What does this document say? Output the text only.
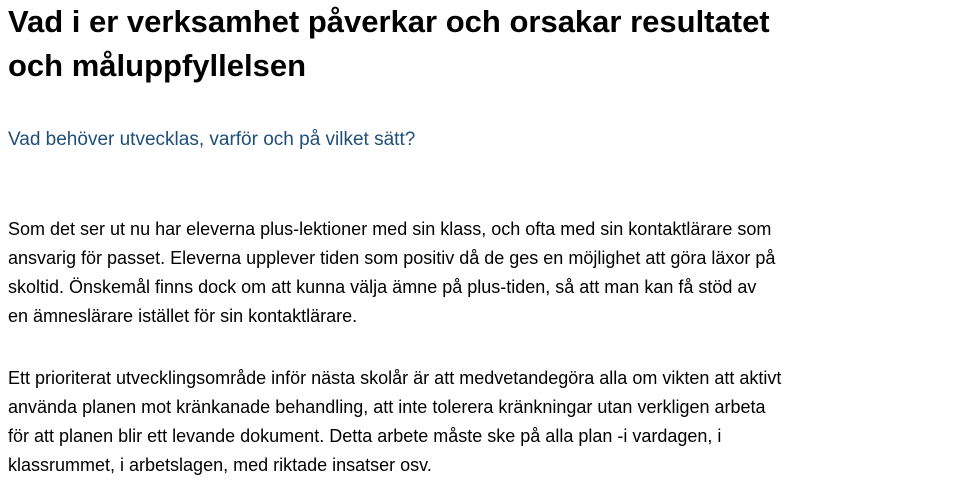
Vad i er verksamhet påverkar och orsakar resultatet
och måluppfyllelsen

Vad behöver utvecklas, varför och på vilket sätt?

Som det ser ut nu har eleverna plus-lektioner med sin klass, och ofta med sin kontaktlärare som
ansvarig för passet. Eleverna upplever tiden som positiv då de ges en möjlighet att göra läxor på
skoltid. Önskemål finns dock om att kunna välja ämne på plus-tiden, så att man kan få stöd av
en ämneslärare istället för sin kontaktlärare.

Ett prioriterat utvecklingsområde inför nästa skolår är att medvetandegöra alla om vikten att aktivt
använda planen mot kränkanade behandling, att inte tolerera kränkningar utan verkligen arbeta
för att planen blir ett levande dokument. Detta arbete måste ske på alla plan -i vardagen, i
klassrummet, i arbetslagen, med riktade insatser osv.
